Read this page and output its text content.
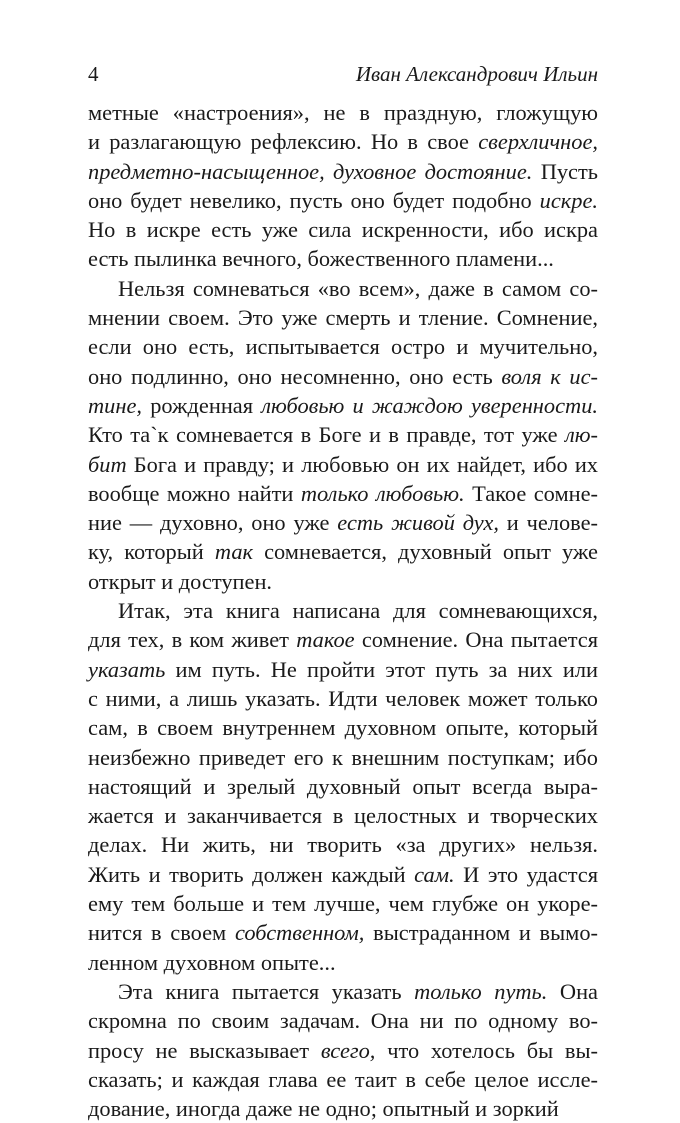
4	Иван Александрович Ильин

метные «настроения», не в праздную, гложущую
и разлагающую рефлексию. Но в свое сверхличное,
предметно-насыщенное, духовное достояние. Пусть
оно будет невелико, пусть оно будет подобно искре.
Но в искре есть уже сила искренности, ибо искра
есть пылинка вечного, божественного пламени...

Нельзя сомневаться «во всем», даже в самом со-
мнении своем. Это уже смерть и тление. Сомнение,
если оно есть, испытывается остро и мучительно,
оно подлинно, оно несомненно, оно есть воля к ис-
тине, рожденная любовью и жаждою уверенности.
Кто та`к сомневается в Боге и в правде, тот уже лю-
бит Бога и правду; и любовью он их найдет, ибо их
вообще можно найти только любовью. Такое сомне-
ние — духовно, оно уже есть живой дух, и челове-
ку, который так сомневается, духовный опыт уже
открыт и доступен.

Итак, эта книга написана для сомневающихся,
для тех, в ком живет такое сомнение. Она пытается
указать им путь. Не пройти этот путь за них или
с ними, а лишь указать. Идти человек может только
сам, в своем внутреннем духовном опыте, который
неизбежно приведет его к внешним поступкам; ибо
настоящий и зрелый духовный опыт всегда выра-
жается и заканчивается в целостных и творческих
делах. Ни жить, ни творить «за других» нельзя.
Жить и творить должен каждый сам. И это удастся
ему тем больше и тем лучше, чем глубже он укоре-
нится в своем собственном, выстраданном и вымо-
ленном духовном опыте...

Эта книга пытается указать только путь. Она
скромна по своим задачам. Она ни по одному во-
просу не высказывает всего, что хотелось бы вы-
сказать; и каждая глава ее таит в себе целое иссле-
дование, иногда даже не одно; опытный и зоркий
